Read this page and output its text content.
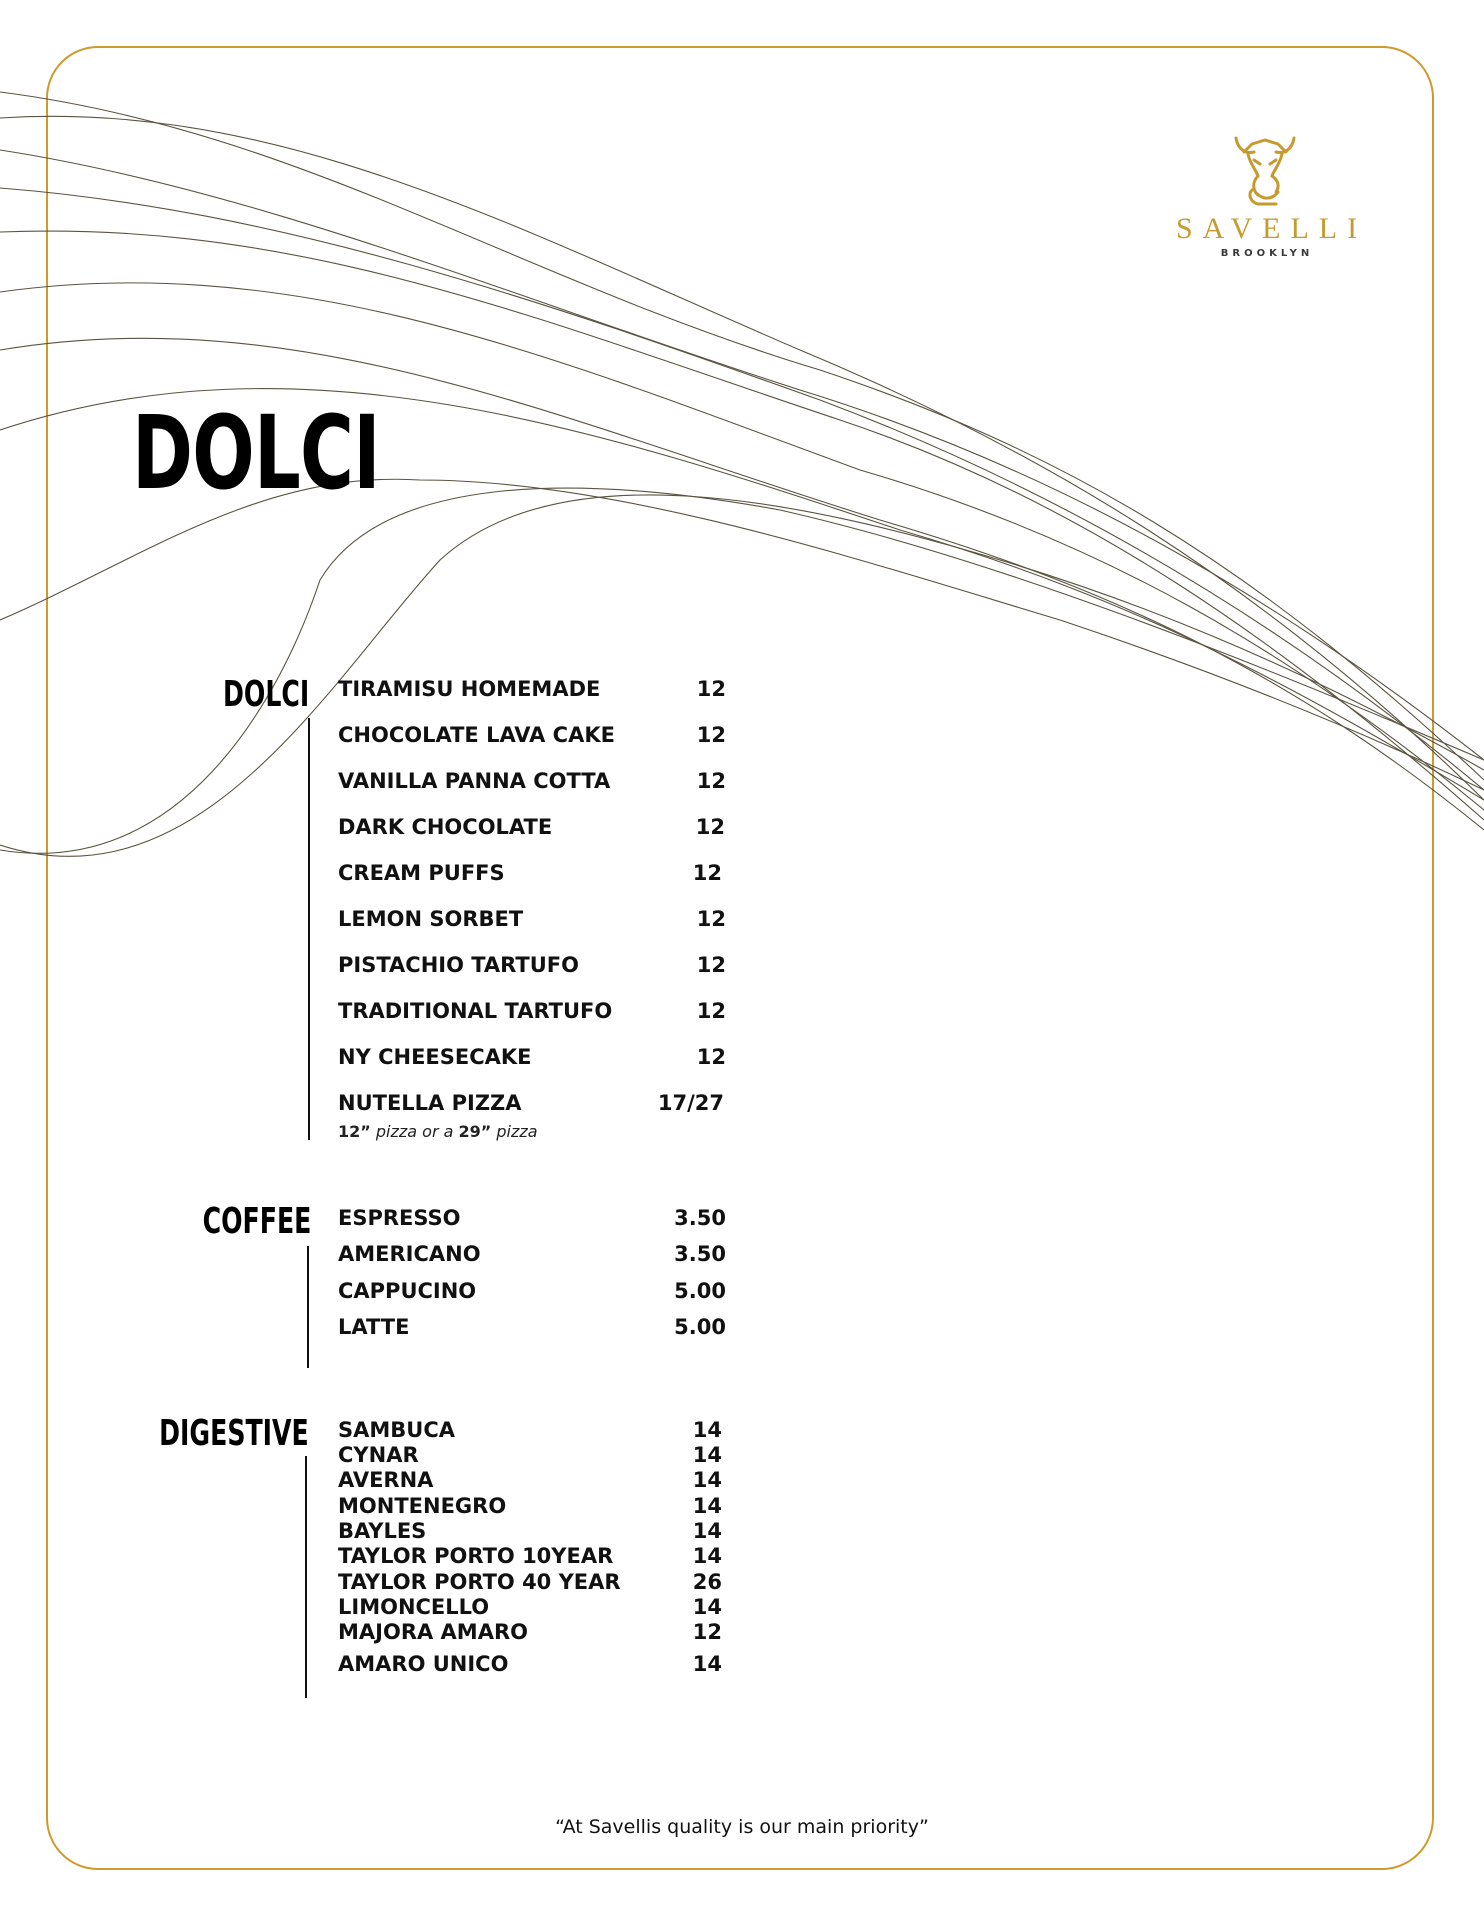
SAVELLI
BROOKLYN
DOLCI
DOLCI TIRAMISU HOMEMADE	12
CHOCOLATE LAVA CAKE	12
VANILLA PANNA COTTA	12
DARK CHOCOLATE	12
CREAM PUFFS	12
LEMON SORBET	12
PISTACHIO TARTUFO	12
TRADITIONAL TARTUFO	12
NY CHEESECAKE	12
NUTELLA PIZZA	17/27
12” pizza or a 29” pizza
COFFEE ESPRESSO	3.50
AMERICANO	3.50
CAPPUCINO	5.00
LATTE	5.00
DIGESTIVE SAMBUCA	14
CYNAR	14
AVERNA	14
MONTENEGRO	14
BAYLES	14
TAYLOR PORTO 10YEAR	14
TAYLOR PORTO 40 YEAR	26
LIMONCELLO	14
MAJORA AMARO	12
AMARO UNICO	14
“At Savellis quality is our main priority”
